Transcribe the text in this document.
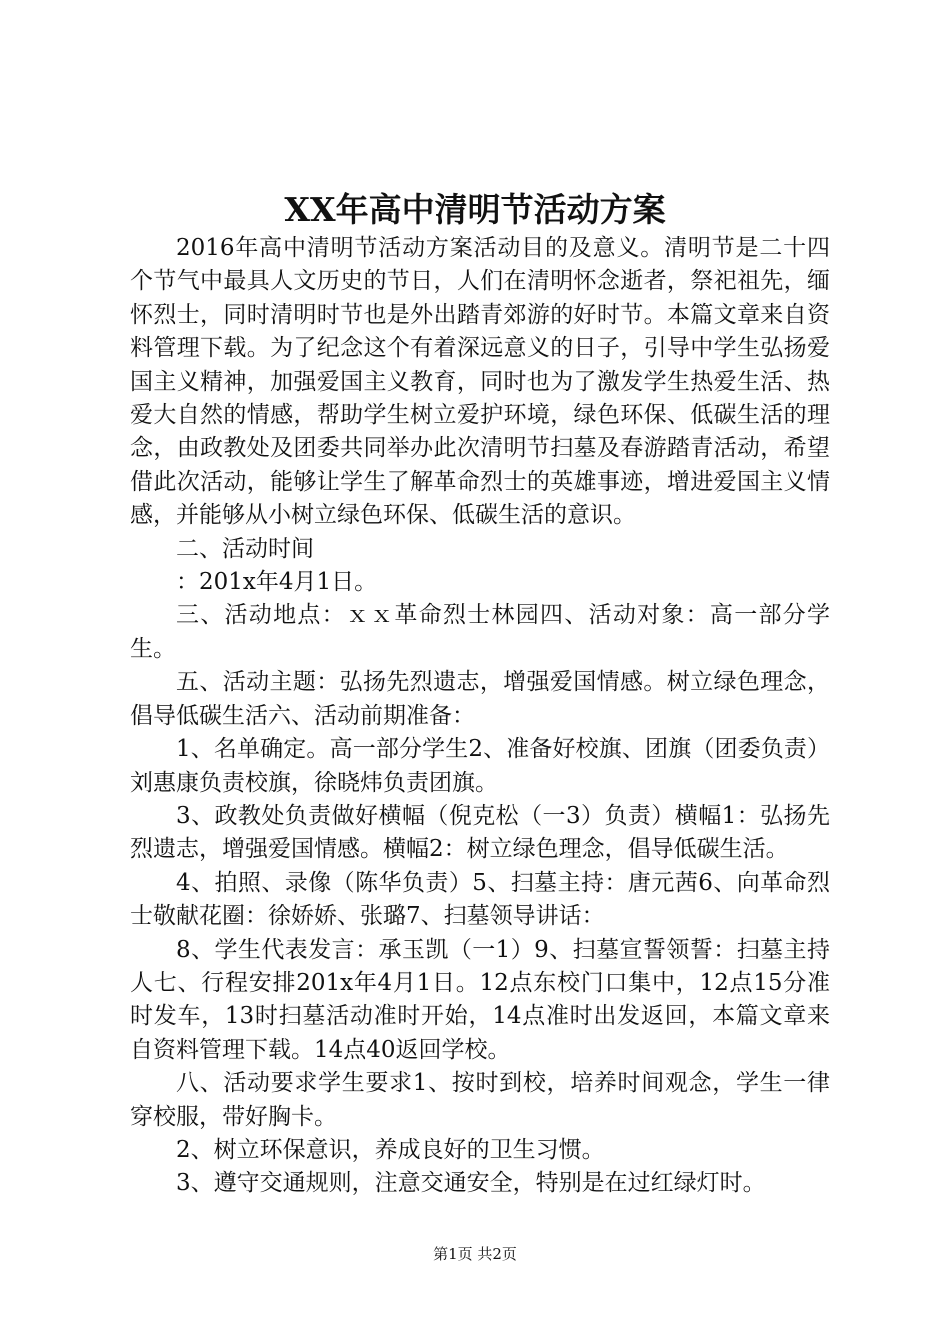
XX年高中清明节活动方案

2016年高中清明节活动方案活动目的及意义。清明节是二十四个节气中最具人文历史的节日，人们在清明怀念逝者，祭祀祖先，缅怀烈士，同时清明时节也是外出踏青郊游的好时节。本篇文章来自资料管理下载。为了纪念这个有着深远意义的日子，引导中学生弘扬爱国主义精神，加强爱国主义教育，同时也为了激发学生热爱生活、热爱大自然的情感，帮助学生树立爱护环境，绿色环保、低碳生活的理念，由政教处及团委共同举办此次清明节扫墓及春游踏青活动，希望借此次活动，能够让学生了解革命烈士的英雄事迹，增进爱国主义情感，并能够从小树立绿色环保、低碳生活的意识。

二、活动时间

：201x年4月1日。

三、活动地点：ｘｘ革命烈士林园四、活动对象：高一部分学生。

五、活动主题：弘扬先烈遗志，增强爱国情感。树立绿色理念，倡导低碳生活六、活动前期准备：

1、名单确定。高一部分学生2、准备好校旗、团旗（团委负责）刘惠康负责校旗，徐晓炜负责团旗。

3、政教处负责做好横幅（倪克松（一3）负责）横幅1：弘扬先烈遗志，增强爱国情感。横幅2：树立绿色理念，倡导低碳生活。

4、拍照、录像（陈华负责）5、扫墓主持：唐元茜6、向革命烈士敬献花圈：徐娇娇、张璐7、扫墓领导讲话：

8、学生代表发言：承玉凯（一1）9、扫墓宣誓领誓：扫墓主持人七、行程安排201x年4月1日。12点东校门口集中，12点15分准时发车，13时扫墓活动准时开始，14点准时出发返回，本篇文章来自资料管理下载。14点40返回学校。

八、活动要求学生要求1、按时到校，培养时间观念，学生一律穿校服，带好胸卡。

2、树立环保意识，养成良好的卫生习惯。

3、遵守交通规则，注意交通安全，特别是在过红绿灯时。

第1页 共2页
